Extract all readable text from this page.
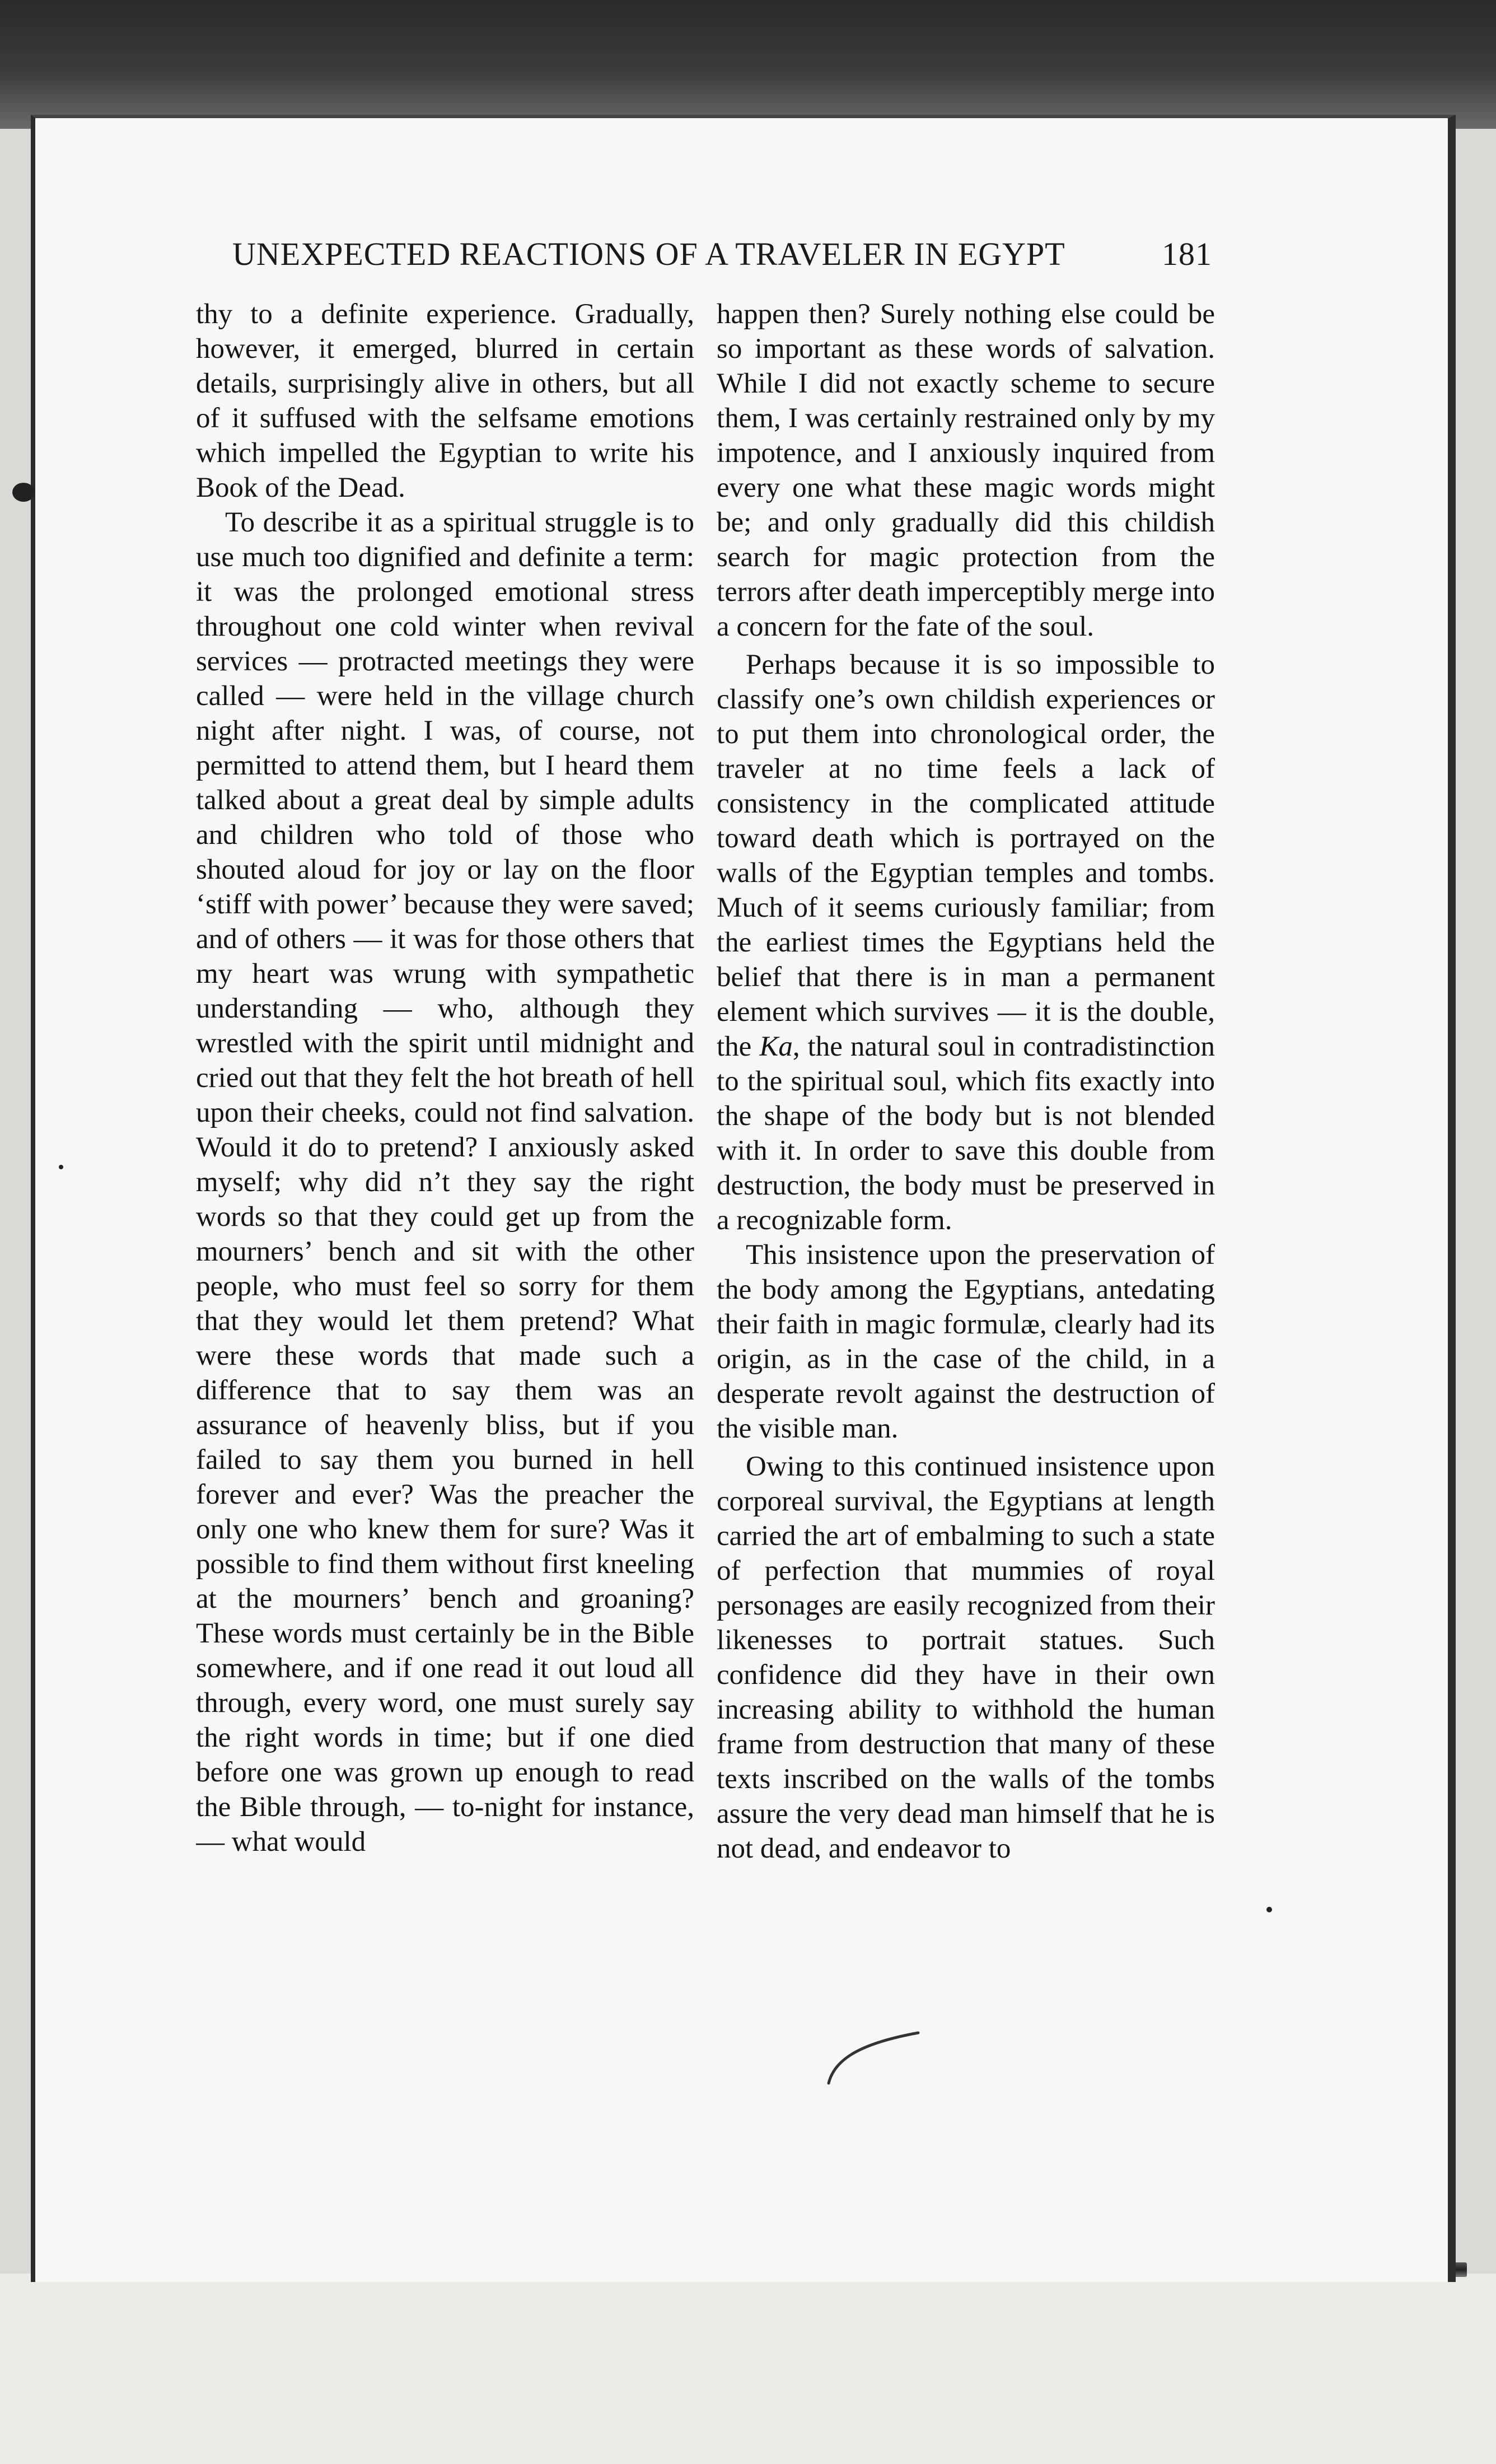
UNEXPECTED REACTIONS OF A TRAVELER IN EGYPT	181

thy to a definite experience. Gradually, however, it emerged, blurred in certain details, surprisingly alive in others, but all of it suffused with the selfsame emotions which impelled the Egyptian to write his Book of the Dead.

To describe it as a spiritual struggle is to use much too dignified and definite a term: it was the prolonged emotional stress throughout one cold winter when revival services — protracted meetings they were called — were held in the village church night after night. I was, of course, not permitted to attend them, but I heard them talked about a great deal by simple adults and children who told of those who shouted aloud for joy or lay on the floor ‘stiff with power’ because they were saved; and of others — it was for those others that my heart was wrung with sympathetic understanding — who, although they wrestled with the spirit until midnight and cried out that they felt the hot breath of hell upon their cheeks, could not find salvation. Would it do to pretend? I anxiously asked myself; why did n’t they say the right words so that they could get up from the mourners’ bench and sit with the other people, who must feel so sorry for them that they would let them pretend? What were these words that made such a difference that to say them was an assurance of heavenly bliss, but if you failed to say them you burned in hell forever and ever? Was the preacher the only one who knew them for sure? Was it possible to find them without first kneeling at the mourners’ bench and groaning? These words must certainly be in the Bible somewhere, and if one read it out loud all through, every word, one must surely say the right words in time; but if one died before one was grown up enough to read the Bible through, — to-night for instance, — what would

happen then? Surely nothing else could be so important as these words of salvation. While I did not exactly scheme to secure them, I was certainly restrained only by my impotence, and I anxiously inquired from every one what these magic words might be; and only gradually did this childish search for magic protection from the terrors after death imperceptibly merge into a concern for the fate of the soul.

Perhaps because it is so impossible to classify one’s own childish experiences or to put them into chronological order, the traveler at no time feels a lack of consistency in the complicated attitude toward death which is portrayed on the walls of the Egyptian temples and tombs. Much of it seems curiously familiar; from the earliest times the Egyptians held the belief that there is in man a permanent element which survives — it is the double, the Ka, the natural soul in contradistinction to the spiritual soul, which fits exactly into the shape of the body but is not blended with it. In order to save this double from destruction, the body must be preserved in a recognizable form.

This insistence upon the preservation of the body among the Egyptians, antedating their faith in magic formulæ, clearly had its origin, as in the case of the child, in a desperate revolt against the destruction of the visible man.

Owing to this continued insistence upon corporeal survival, the Egyptians at length carried the art of embalming to such a state of perfection that mummies of royal personages are easily recognized from their likenesses to portrait statues. Such confidence did they have in their own increasing ability to withhold the human frame from destruction that many of these texts inscribed on the walls of the tombs assure the very dead man himself that he is not dead, and endeavor to
